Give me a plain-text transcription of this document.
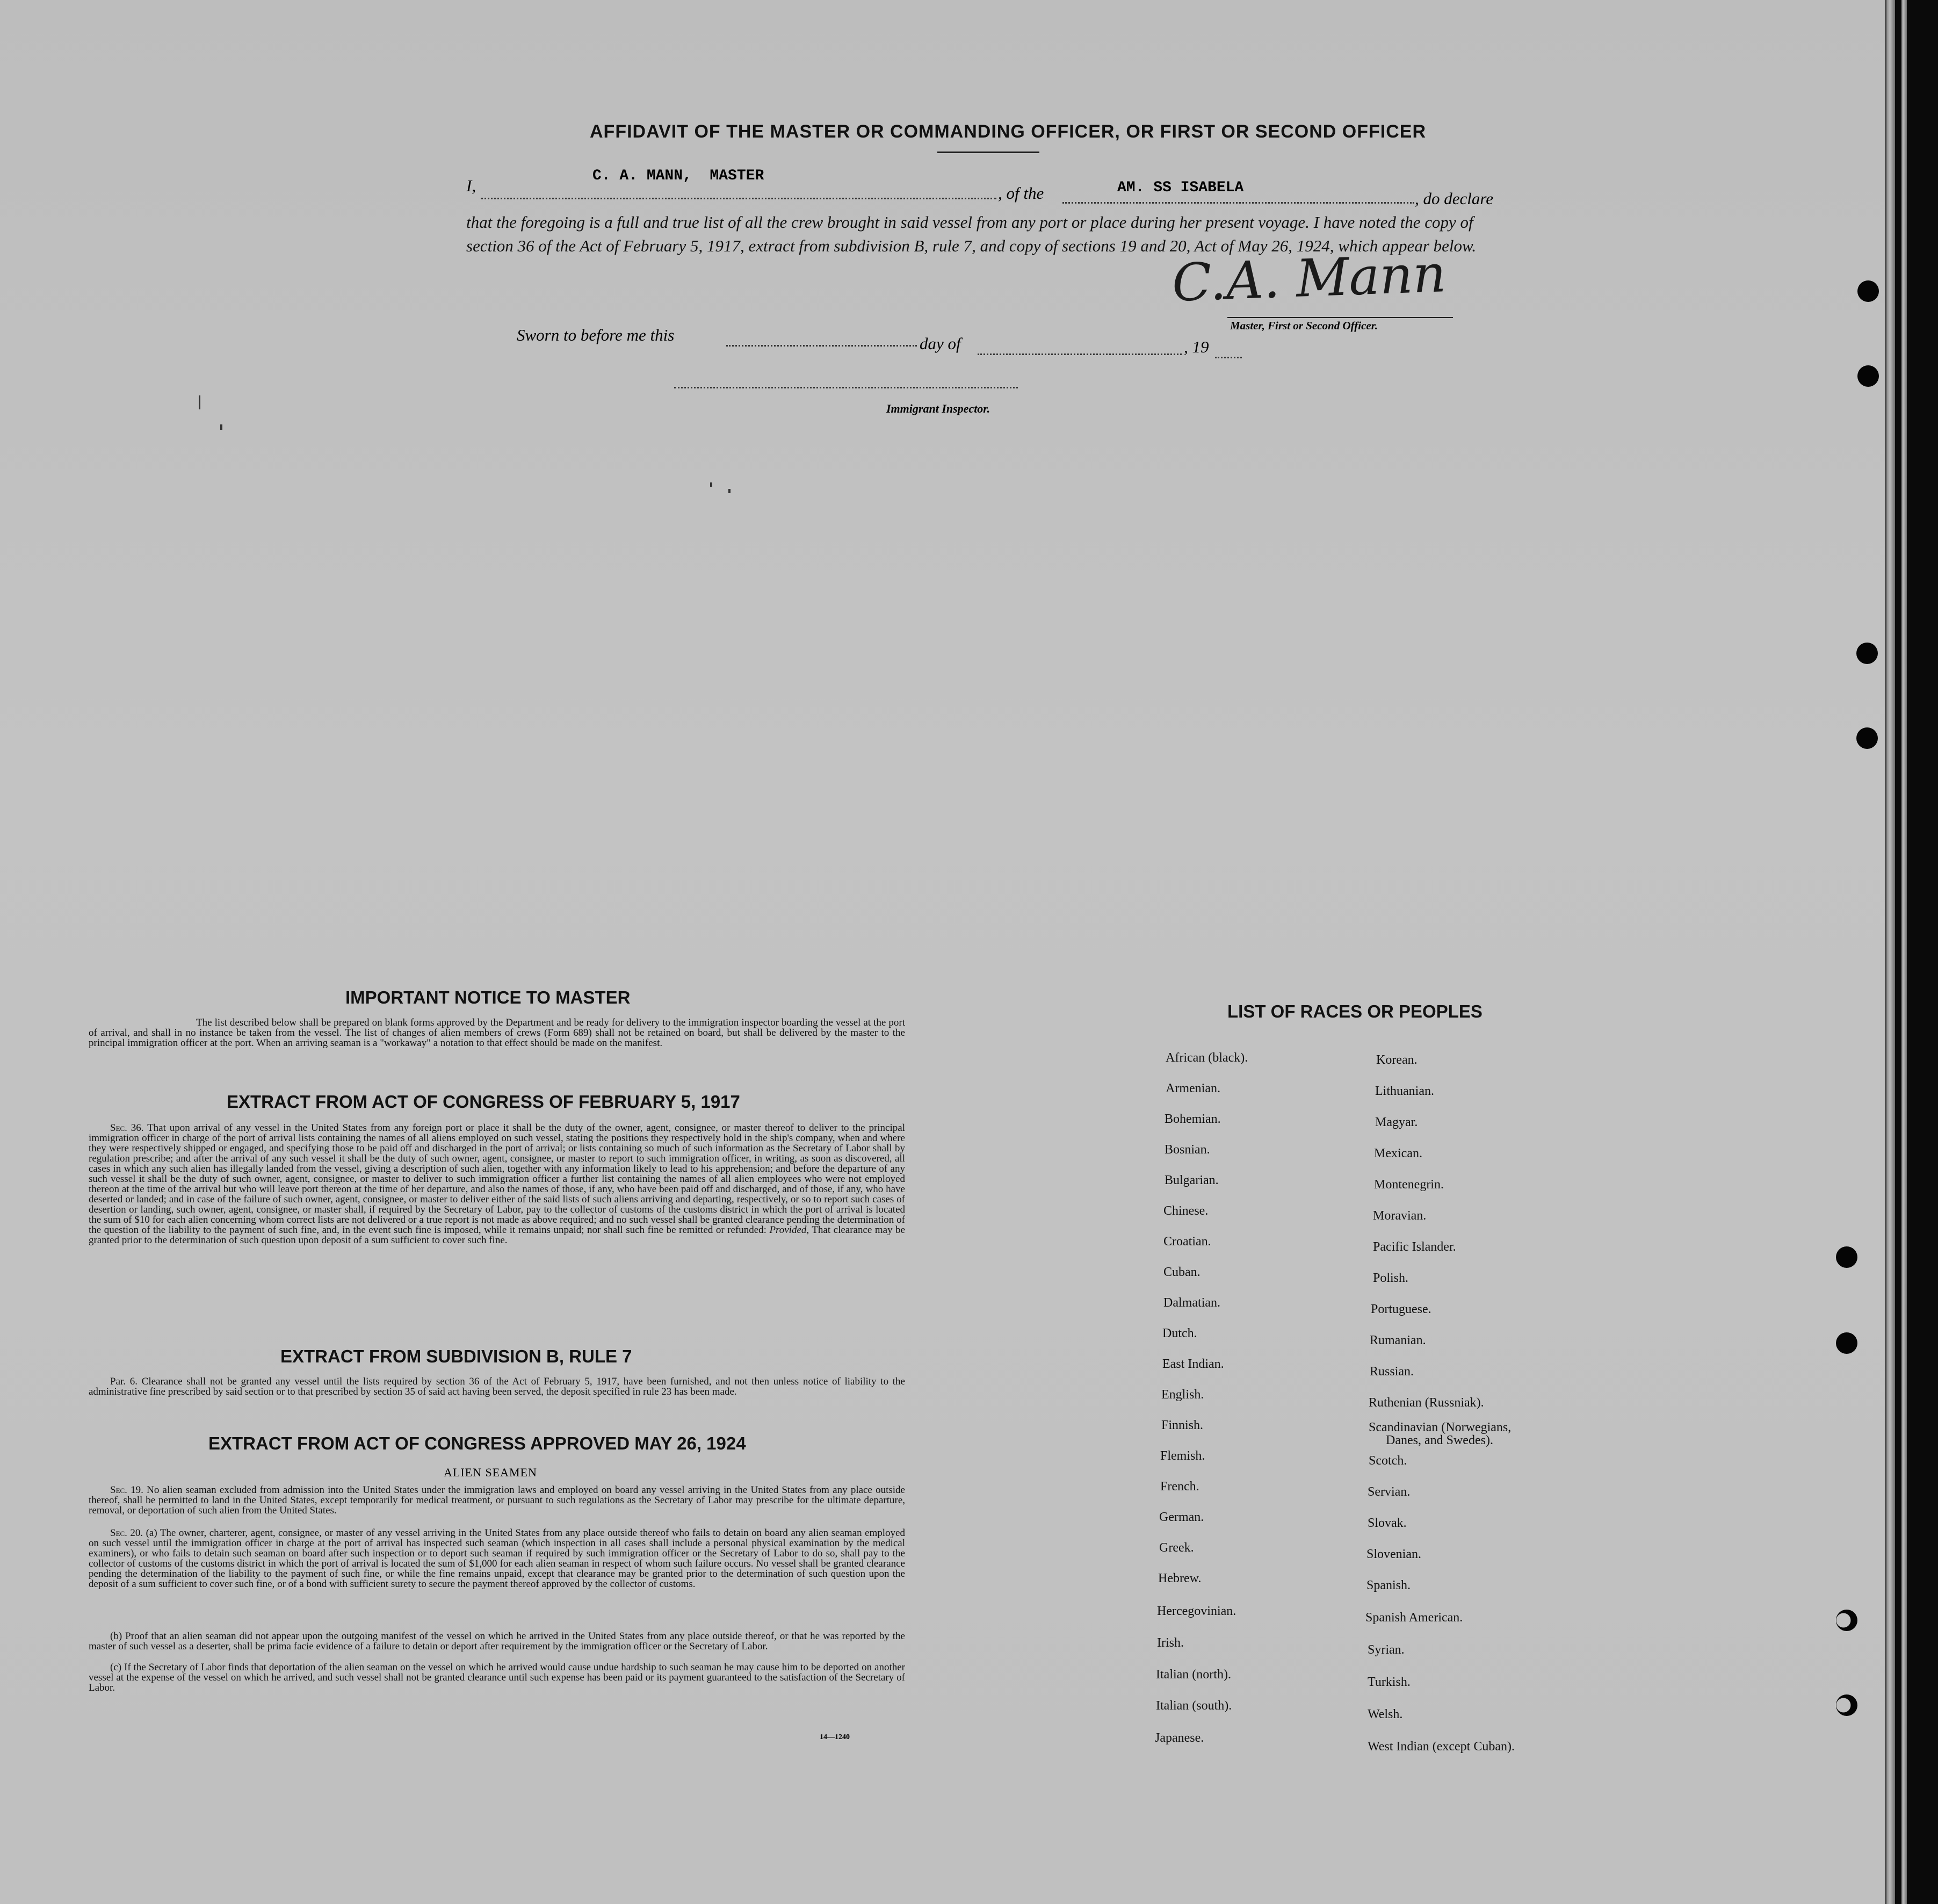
AFFIDAVIT OF THE MASTER OR COMMANDING OFFICER, OR FIRST OR SECOND OFFICER
I,
C. A. MANN,  MASTER
, of the	AM. SS ISABELA
, do declare
that the foregoing is a full and true list of all the crew brought in said vessel from any port or place during her present voyage. I have noted the copy of section 36 of the Act of February 5, 1917, extract from subdivision B, rule 7, and copy of sections 19 and 20, Act of May 26, 1924, which appear below.
C.A. Mann
Master, First or Second Officer.
Sworn to before me this	day of	, 19
Immigrant Inspector.
IMPORTANT NOTICE TO MASTER

The list described below shall be prepared on blank forms approved by the Department and be ready for delivery to the immigration inspector boarding the vessel at the port of arrival, and shall in no instance be taken from the vessel. The list of changes of alien members of crews (Form 689) shall not be retained on board, but shall be delivered by the master to the principal immigration officer at the port. When an arriving seaman is a "workaway" a notation to that effect should be made on the manifest.

EXTRACT FROM ACT OF CONGRESS OF FEBRUARY 5, 1917

Sec. 36. That upon arrival of any vessel in the United States from any foreign port or place it shall be the duty of the owner, agent, consignee, or master thereof to deliver to the principal immigration officer in charge of the port of arrival lists containing the names of all aliens employed on such vessel, stating the positions they respectively hold in the ship's company, when and where they were respectively shipped or engaged, and specifying those to be paid off and discharged in the port of arrival; or lists containing so much of such information as the Secretary of Labor shall by regulation prescribe; and after the arrival of any such vessel it shall be the duty of such owner, agent, consignee, or master to report to such immigration officer, in writing, as soon as discovered, all cases in which any such alien has illegally landed from the vessel, giving a description of such alien, together with any information likely to lead to his apprehension; and before the departure of any such vessel it shall be the duty of such owner, agent, consignee, or master to deliver to such immigration officer a further list containing the names of all alien employees who were not employed thereon at the time of the arrival but who will leave port thereon at the time of her departure, and also the names of those, if any, who have been paid off and discharged, and of those, if any, who have deserted or landed; and in case of the failure of such owner, agent, consignee, or master to deliver either of the said lists of such aliens arriving and departing, respectively, or so to report such cases of desertion or landing, such owner, agent, consignee, or master shall, if required by the Secretary of Labor, pay to the collector of customs of the customs district in which the port of arrival is located the sum of $10 for each alien concerning whom correct lists are not delivered or a true report is not made as above required; and no such vessel shall be granted clearance pending the determination of the question of the liability to the payment of such fine, and, in the event such fine is imposed, while it remains unpaid; nor shall such fine be remitted or refunded: Provided, That clearance may be granted prior to the determination of such question upon deposit of a sum sufficient to cover such fine.

EXTRACT FROM SUBDIVISION B, RULE 7

Par. 6. Clearance shall not be granted any vessel until the lists required by section 36 of the Act of February 5, 1917, have been furnished, and not then unless notice of liability to the administrative fine prescribed by said section or to that prescribed by section 35 of said act having been served, the deposit specified in rule 23 has been made.

EXTRACT FROM ACT OF CONGRESS APPROVED MAY 26, 1924
ALIEN SEAMEN

Sec. 19. No alien seaman excluded from admission into the United States under the immigration laws and employed on board any vessel arriving in the United States from any place outside thereof, shall be permitted to land in the United States, except temporarily for medical treatment, or pursuant to such regulations as the Secretary of Labor may prescribe for the ultimate departure, removal, or deportation of such alien from the United States.

Sec. 20. (a) The owner, charterer, agent, consignee, or master of any vessel arriving in the United States from any place outside thereof who fails to detain on board any alien seaman employed on such vessel until the immigration officer in charge at the port of arrival has inspected such seaman (which inspection in all cases shall include a personal physical examination by the medical examiners), or who fails to detain such seaman on board after such inspection or to deport such seaman if required by such immigration officer or the Secretary of Labor to do so, shall pay to the collector of customs of the customs district in which the port of arrival is located the sum of $1,000 for each alien seaman in respect of whom such failure occurs. No vessel shall be granted clearance pending the determination of the liability to the payment of such fine, or while the fine remains unpaid, except that clearance may be granted prior to the determination of such question upon the deposit of a sum sufficient to cover such fine, or of a bond with sufficient surety to secure the payment thereof approved by the collector of customs.

(b) Proof that an alien seaman did not appear upon the outgoing manifest of the vessel on which he arrived in the United States from any place outside thereof, or that he was reported by the master of such vessel as a deserter, shall be prima facie evidence of a failure to detain or deport after requirement by the immigration officer or the Secretary of Labor.

(c) If the Secretary of Labor finds that deportation of the alien seaman on the vessel on which he arrived would cause undue hardship to such seaman he may cause him to be deported on another vessel at the expense of the vessel on which he arrived, and such vessel shall not be granted clearance until such expense has been paid or its payment guaranteed to the satisfaction of the Secretary of Labor.

14—1240
LIST OF RACES OR PEOPLES
African (black).
Armenian.
Bohemian.
Bosnian.
Bulgarian.
Chinese.
Croatian.
Cuban.
Dalmatian.
Dutch.
East Indian.
English.
Finnish.
Flemish.
French.
German.
Greek.
Hebrew.
Hercegovinian.
Irish.
Italian (north).
Italian (south).
Japanese.
Korean.
Lithuanian.
Magyar.
Mexican.
Montenegrin.
Moravian.
Pacific Islander.
Polish.
Portuguese.
Rumanian.
Russian.
Ruthenian (Russniak).
Scandinavian (Norwegians,
Danes, and Swedes).
Scotch.
Servian.
Slovak.
Slovenian.
Spanish.
Spanish American.
Syrian.
Turkish.
Welsh.
West Indian (except Cuban).
